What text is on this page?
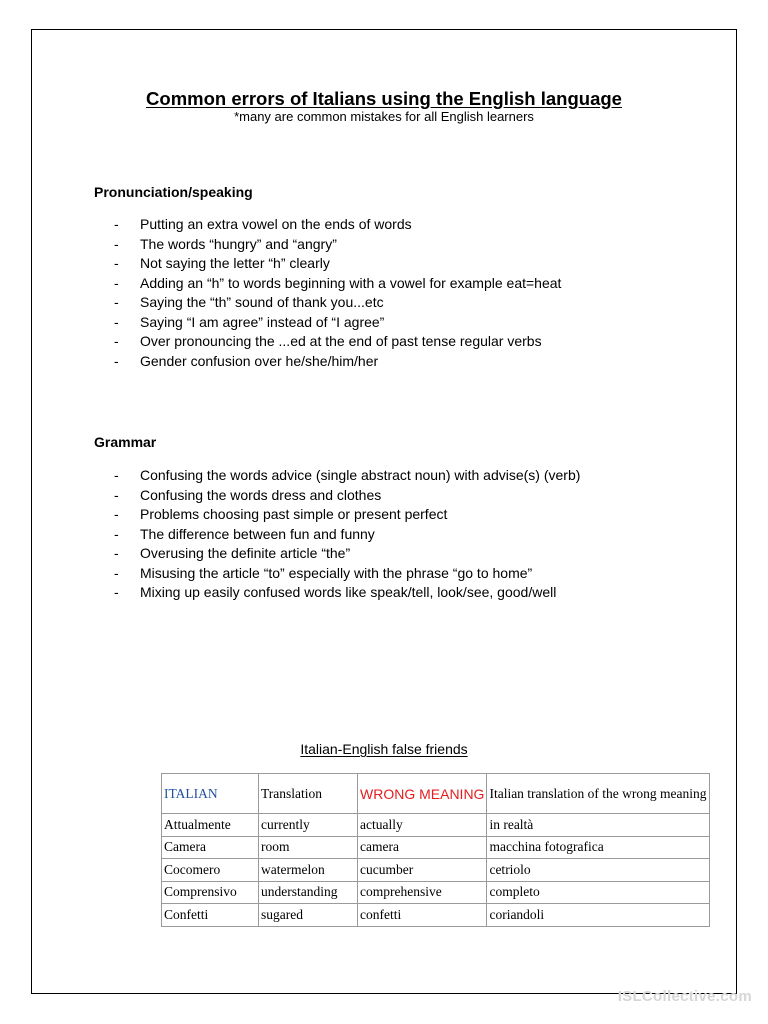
Common errors of Italians using the English language
*many are common mistakes for all English learners
Pronunciation/speaking
- Putting an extra vowel on the ends of words
- The words “hungry” and “angry”
- Not saying the letter “h” clearly
- Adding an “h” to words beginning with a vowel for example eat=heat
- Saying the “th” sound of thank you...etc
- Saying “I am agree” instead of “I agree”
- Over pronouncing the ...ed at the end of past tense regular verbs
- Gender confusion over he/she/him/her
Grammar
- Confusing the words advice (single abstract noun) with advise(s) (verb)
- Confusing the words dress and clothes
- Problems choosing past simple or present perfect
- The difference between fun and funny
- Overusing the definite article “the”
- Misusing the article “to” especially with the phrase “go to home”
- Mixing up easily confused words like speak/tell, look/see, good/well
Italian-English false friends
ITALIAN	Translation	WRONG MEANING	Italian translation of the wrong meaning
Attualmente	currently	actually	in realtà
Camera	room	camera	macchina fotografica
Cocomero	watermelon	cucumber	cetriolo
Comprensivo	understanding	comprehensive	completo
Confetti	sugared	confetti	coriandoli
ISLCollective.com
